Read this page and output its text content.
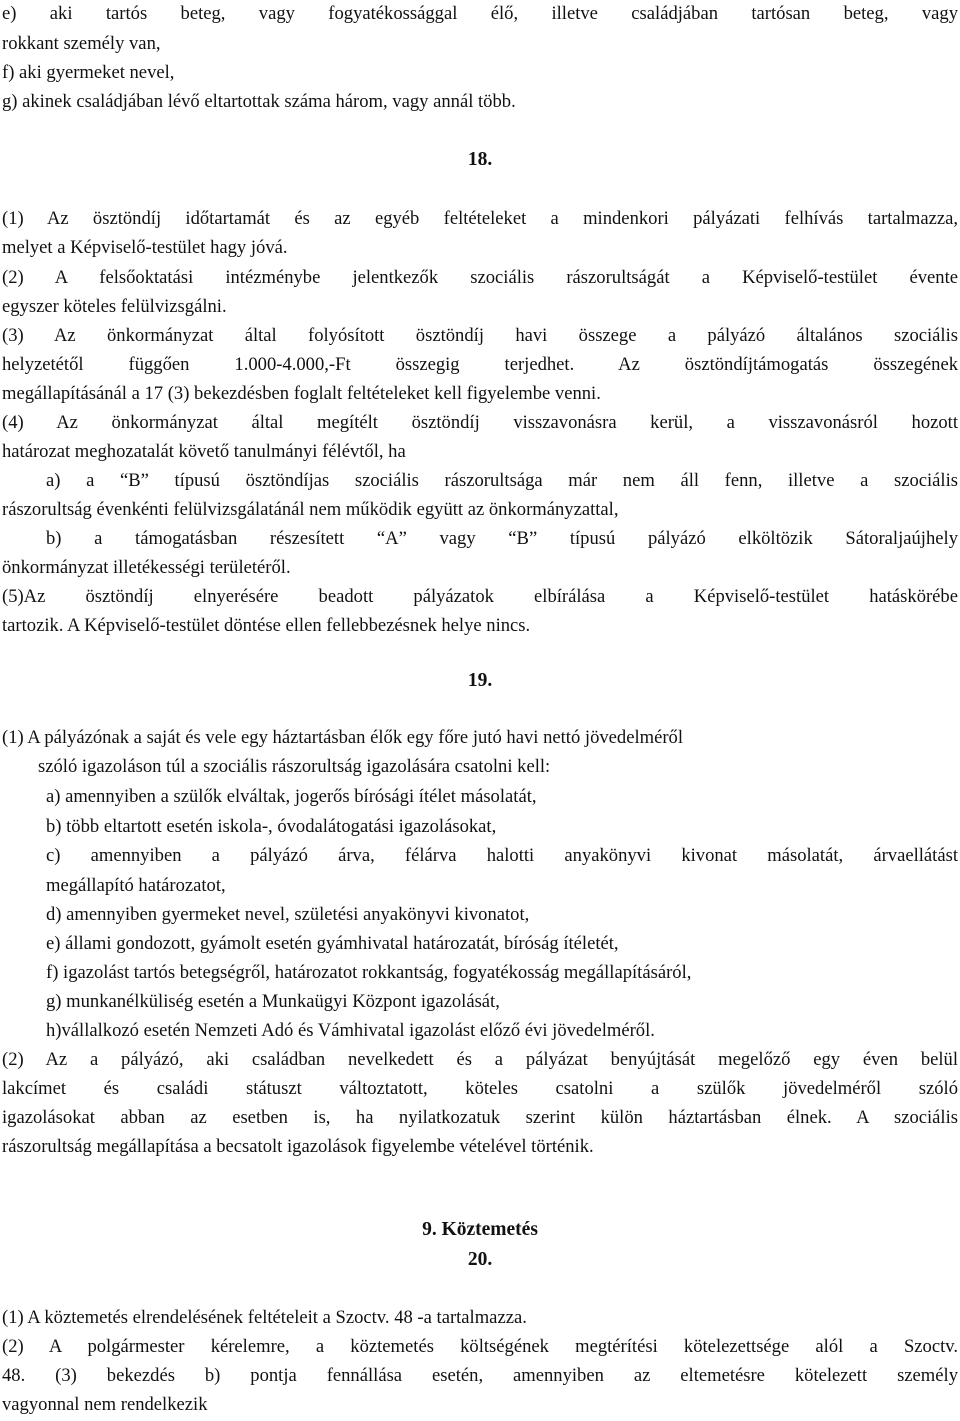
e) aki tartós beteg, vagy fogyatékossággal élő, illetve családjában tartósan beteg, vagy
rokkant személy van,
f) aki gyermeket nevel,
g) akinek családjában lévő eltartottak száma három, vagy annál több.
18.
(1) Az ösztöndíj időtartamát és az egyéb feltételeket a mindenkori pályázati felhívás tartalmazza,
melyet a Képviselő-testület hagy jóvá.
(2) A felsőoktatási intézménybe jelentkezők szociális rászorultságát a Képviselő-testület évente
egyszer köteles felülvizsgálni.
(3) Az önkormányzat által folyósított ösztöndíj havi összege a pályázó általános szociális
helyzetétől függően 1.000-4.000,-Ft összegig terjedhet. Az ösztöndíjtámogatás összegének
megállapításánál a 17 (3) bekezdésben foglalt feltételeket kell figyelembe venni.
(4) Az önkormányzat által megítélt ösztöndíj visszavonásra kerül, a visszavonásról hozott
határozat meghozatalát követő tanulmányi félévtől, ha
a) a “B” típusú ösztöndíjas szociális rászorultsága már nem áll fenn, illetve a szociális
rászorultság évenkénti felülvizsgálatánál nem működik együtt az önkormányzattal,
b) a támogatásban részesített “A” vagy “B” típusú pályázó elköltözik Sátoraljaújhely
önkormányzat illetékességi területéről.
(5)Az ösztöndíj elnyerésére beadott pályázatok elbírálása a Képviselő-testület hatáskörébe
tartozik. A Képviselő-testület döntése ellen fellebbezésnek helye nincs.
19.
(1) A pályázónak a saját és vele egy háztartásban élők egy főre jutó havi nettó jövedelméről
szóló igazoláson túl a szociális rászorultság igazolására csatolni kell:
a) amennyiben a szülők elváltak, jogerős bírósági ítélet másolatát,
b) több eltartott esetén iskola-, óvodalátogatási igazolásokat,
c) amennyiben a pályázó árva, félárva halotti anyakönyvi kivonat másolatát, árvaellátást
megállapító határozatot,
d) amennyiben gyermeket nevel, születési anyakönyvi kivonatot,
e) állami gondozott, gyámolt esetén gyámhivatal határozatát, bíróság ítéletét,
f) igazolást tartós betegségről, határozatot rokkantság, fogyatékosság megállapításáról,
g) munkanélküliség esetén a Munkaügyi Központ igazolását,
h)vállalkozó esetén Nemzeti Adó és Vámhivatal igazolást előző évi jövedelméről.
(2) Az a pályázó, aki családban nevelkedett és a pályázat benyújtását megelőző egy éven belül
lakcímet és családi státuszt változtatott, köteles csatolni a szülők jövedelméről szóló
igazolásokat abban az esetben is, ha nyilatkozatuk szerint külön háztartásban élnek. A szociális
rászorultság megállapítása a becsatolt igazolások figyelembe vételével történik.
9. Köztemetés
20.
(1) A köztemetés elrendelésének feltételeit a Szoctv. 48 -a tartalmazza.
(2) A polgármester kérelemre, a köztemetés költségének megtérítési kötelezettsége alól a Szoctv.
48. (3) bekezdés b) pontja fennállása esetén, amennyiben az eltemetésre kötelezett személy
vagyonnal nem rendelkezik
